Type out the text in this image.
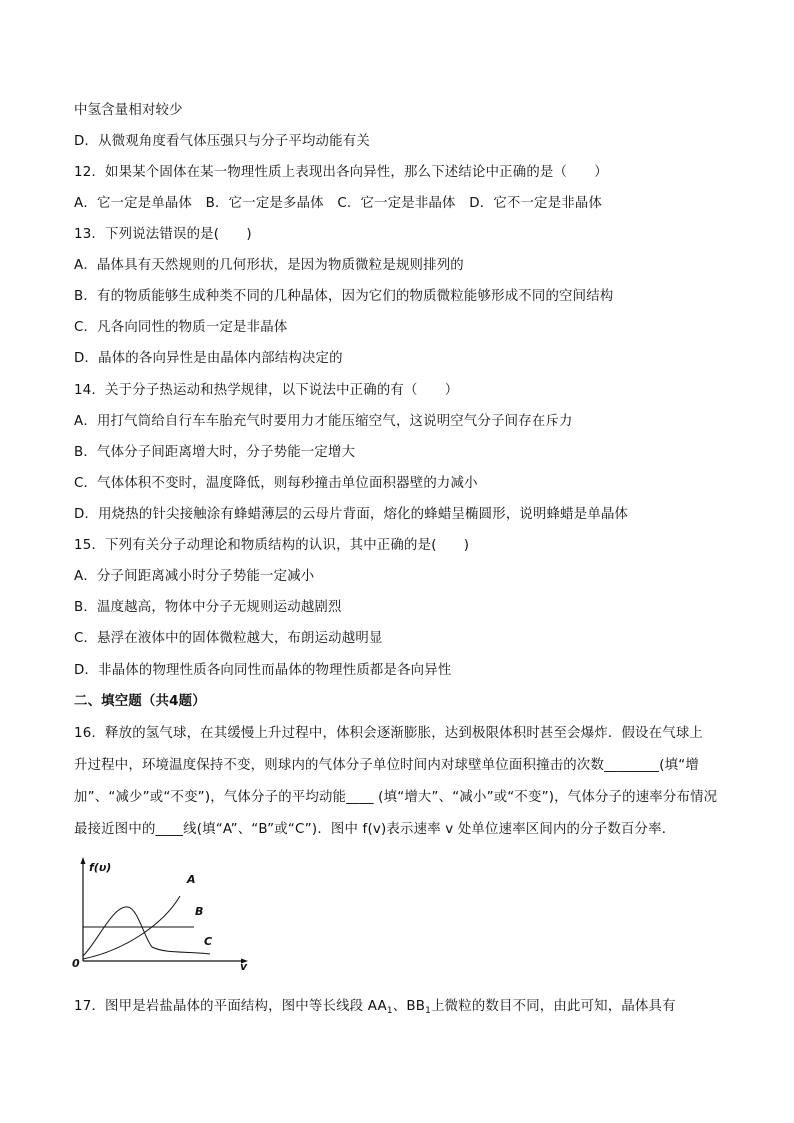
中氢含量相对较少
D．从微观角度看气体压强只与分子平均动能有关
12．如果某个固体在某一物理性质上表现出各向异性，那么下述结论中正确的是（　　）
A．它一定是单晶体　B．它一定是多晶体　C．它一定是非晶体　D．它不一定是非晶体
13．下列说法错误的是(　　)
A．晶体具有天然规则的几何形状，是因为物质微粒是规则排列的
B．有的物质能够生成种类不同的几种晶体，因为它们的物质微粒能够形成不同的空间结构
C．凡各向同性的物质一定是非晶体
D．晶体的各向异性是由晶体内部结构决定的
14．关于分子热运动和热学规律，以下说法中正确的有（　　）
A．用打气筒给自行车车胎充气时要用力才能压缩空气，这说明空气分子间存在斥力
B．气体分子间距离增大时，分子势能一定增大
C．气体体积不变时，温度降低，则每秒撞击单位面积器壁的力减小
D．用烧热的针尖接触涂有蜂蜡薄层的云母片背面，熔化的蜂蜡呈椭圆形，说明蜂蜡是单晶体
15．下列有关分子动理论和物质结构的认识，其中正确的是(　　)
A．分子间距离减小时分子势能一定减小
B．温度越高，物体中分子无规则运动越剧烈
C．悬浮在液体中的固体微粒越大，布朗运动越明显
D．非晶体的物理性质各向同性而晶体的物理性质都是各向异性
二、填空题（共4题）
16．释放的氢气球，在其缓慢上升过程中，体积会逐渐膨胀，达到极限体积时甚至会爆炸．假设在气球上
升过程中，环境温度保持不变，则球内的气体分子单位时间内对球壁单位面积撞击的次数________(填“增
加”、“减少”或“不变”)，气体分子的平均动能____ (填“增大”、“减小”或“不变”)，气体分子的速率分布情况
最接近图中的____线(填“A”、“B”或“C”)．图中 f(v)表示速率 v 处单位速率区间内的分子数百分率．
f(υ)
0	v
A
B
C
17．图甲是岩盐晶体的平面结构，图中等长线段 $AA_1$、$BB_1$上微粒的数目不同，由此可知，晶体具有
